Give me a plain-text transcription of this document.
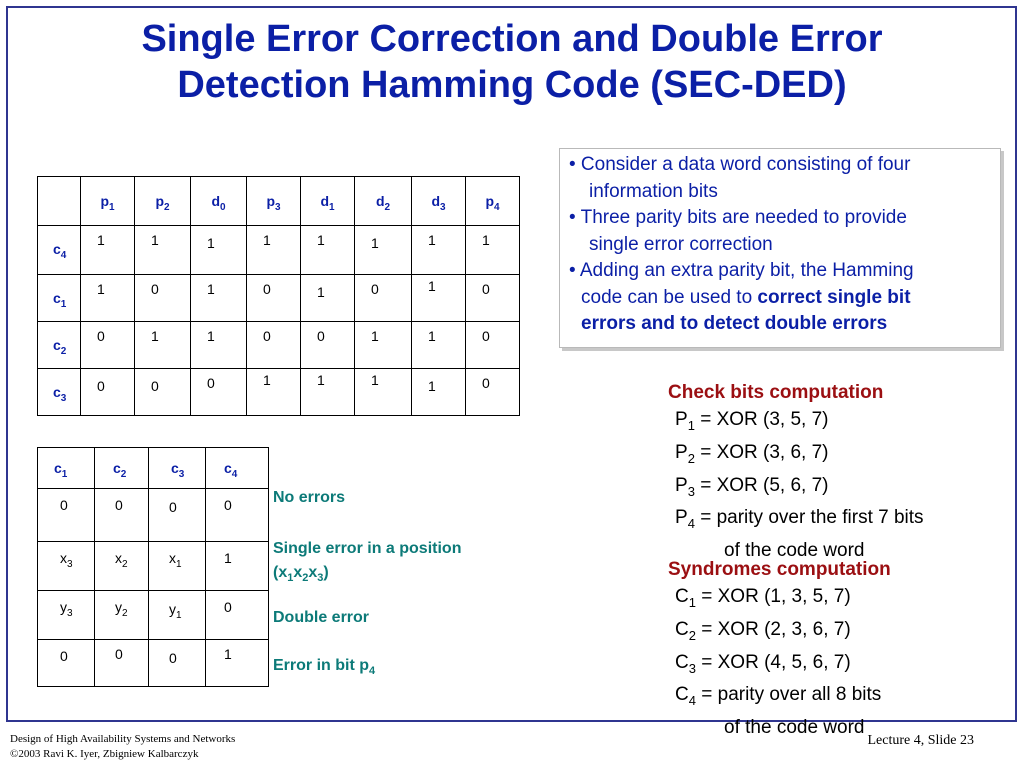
Single Error Correction and Double Error
Detection Hamming Code (SEC-DED)

	$p_1$	$p_2$	$d_0$	$p_3$	$d_1$	$d_2$	$d_3$	$p_4$

$c_4$	1	1	1	1	1	1	1	1

$c_1$	1	0	1	0	1	0	1	0

$c_2$	0	1	1	0	0	1	1	0

$c_3$	0	0	0	1	1	1	1	0
$c_1$	$c_2$	$c_3$	$c_4$

0	0	0	0

$x_3$	$x_2$	$x_1$	1

$y_3$	$y_2$	$y_1$	0

0	0	0	1
No errors
Single error in a position
$(x_1x_2x_3)$
Double error
Error in bit $p_4$
• Consider a data word consisting of four
information bits
• Three parity bits are needed to provide
single error correction
• Adding an extra parity bit, the Hamming
code can be used to correct single bit
errors and to detect double errors
Check bits computation
$P_1$ = XOR (3, 5, 7)
$P_2$ = XOR (3, 6, 7)
$P_3$ = XOR (5, 6, 7)
$P_4$ = parity over the first 7 bits
of the code word
Syndromes computation
$C_1$ = XOR (1, 3, 5, 7)
$C_2$ = XOR (2, 3, 6, 7)
$C_3$ = XOR (4, 5, 6, 7)
$C_4$ = parity over all 8 bits
of the code word
Design of High Availability Systems and Networks
©2003 Ravi K. Iyer, Zbigniew Kalbarczyk
Lecture 4, Slide 23
